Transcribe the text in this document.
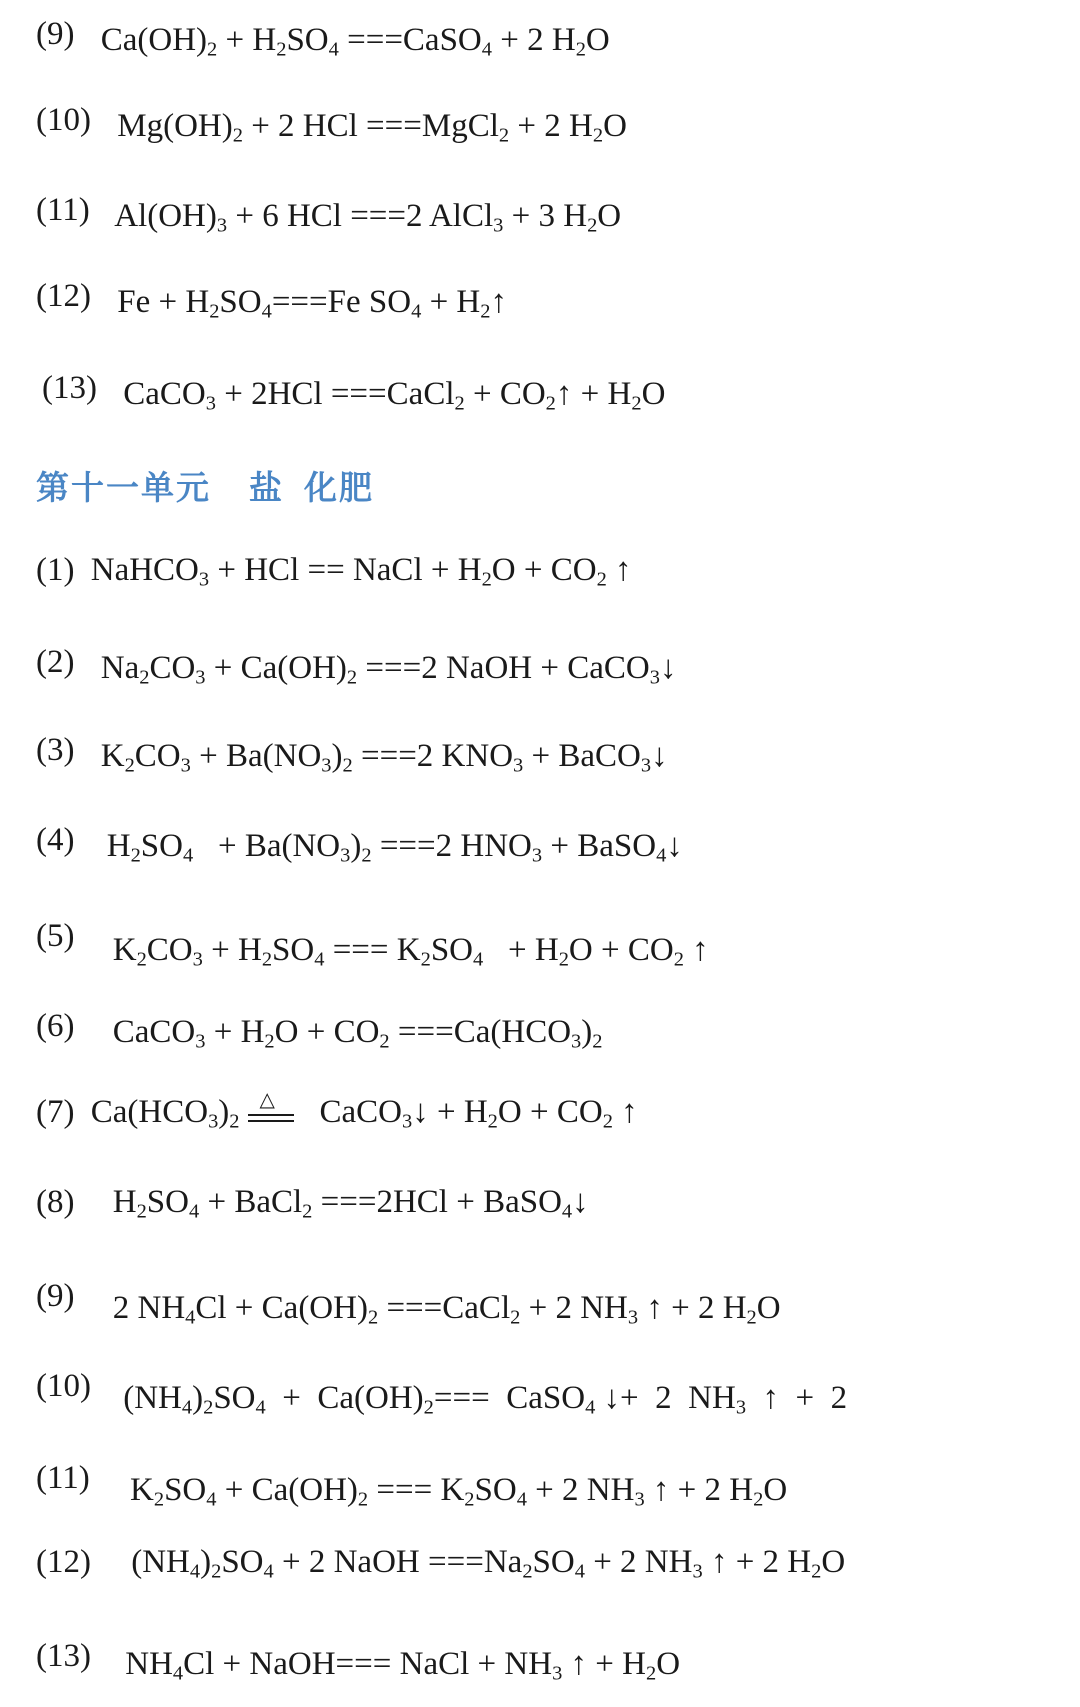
(9) $Ca(OH)_2 + H_2SO_4$ ===CaSO$_4$ + 2 $H_2O$
(10) $Mg(OH)_2 + 2$ HCl ===MgCl$_2$ + 2 $H_2O$
(11) $Al(OH)_3 + 6$ HCl ===2 AlCl$_3$ + 3 $H_2O$
(12) $Fe + H_2SO_4===Fe$ $SO_4$ + $H_2↑$
(13) CaCO$_3$ + 2HCl ===CaCl$_2$ + $CO_2↑ + H_2O$
第十一单元 盐 化肥
(1) NaHCO$_3$ + HCl == NaCl + $H_2O + CO_2$ ↑
(2) $Na_2CO_3 + Ca(OH)_2 ===2$ NaOH + CaCO$_3$↓
(3) $K_2CO_3 + Ba(NO_3)_2 ===2$ $KNO_3$ + BaCO$_3$↓
(4) $H_2SO_4 + Ba(NO_3)_2 ===2$ $HNO_3$ + BaSO$_4$↓
(5) $K_2CO_3 + H_2SO_4$ === $K_2SO_4 + H_2O + CO_2$ ↑
(6) CaCO$_3$ + $H_2O + CO_2 ===Ca(HCO_3)_2$
(7) $Ca(HCO_3)_2$
△ CaCO$_3$↓ + $H_2O + CO_2$ ↑
(8) $H_2SO_4$ + BaCl$_2$ ===2HCl + BaSO$_4$↓
(9) 2 $NH_4Cl + Ca(OH)_2$ ===CaCl$_2$ + 2 $NH_3$ ↑ + 2 $H_2O$
(10) $(NH_4)_2SO_4 + Ca(OH)_2===$  CaSO$_4$ ↓+  2  $NH_3$  ↑  +  2
(11) $K_2SO_4 + Ca(OH)_2$ === $K_2SO_4 + 2$ $NH_3$ ↑ + 2 $H_2O$
(12) $(NH_4)_2SO_4 + 2$ NaOH $===Na_2SO_4 + 2$ $NH_3$ ↑ + 2 $H_2O$
(13) $NH_4Cl$ + NaOH=== NaCl + $NH_3$ ↑ + $H_2O$
